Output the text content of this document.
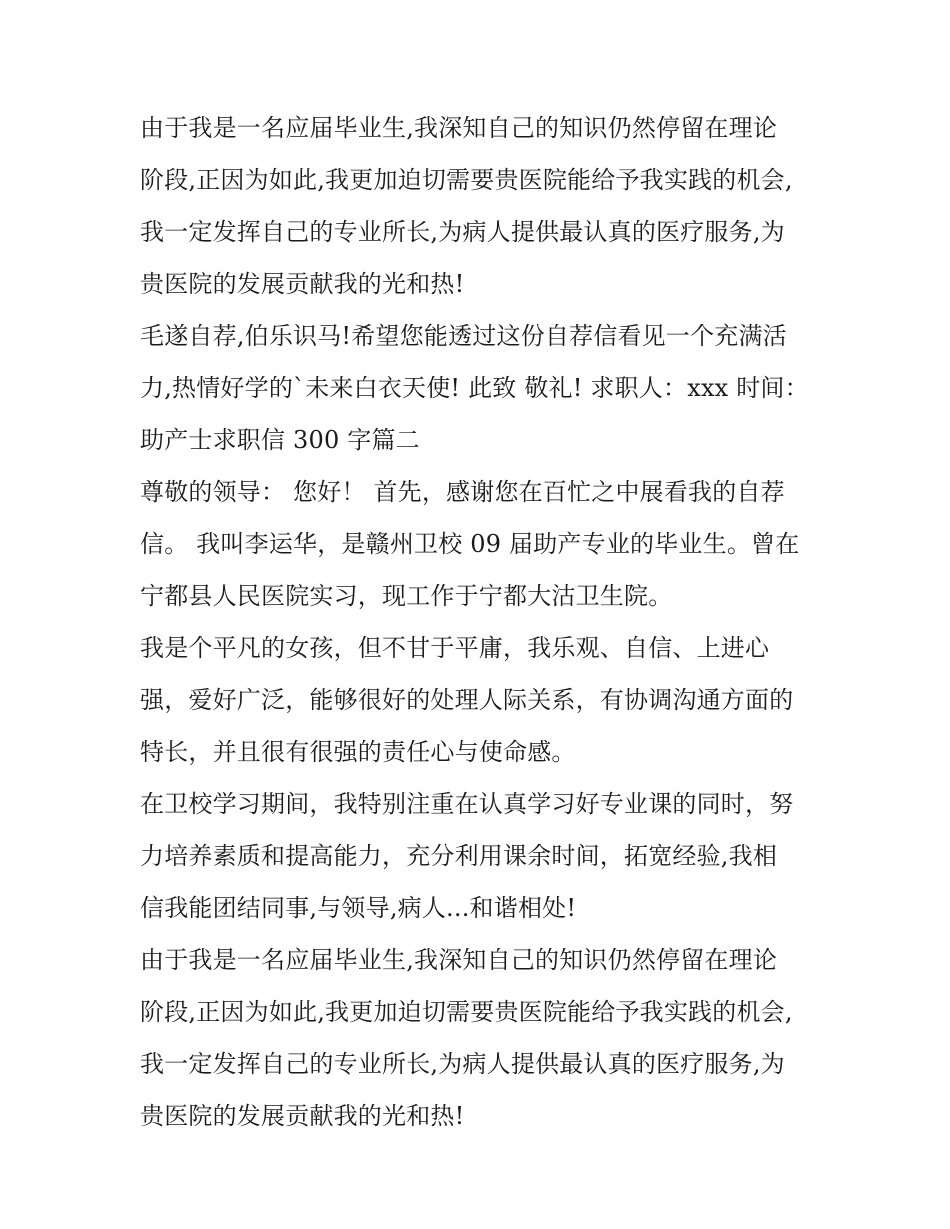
由于我是一名应届毕业生,我深知自己的知识仍然停留在理论
阶段,正因为如此,我更加迫切需要贵医院能给予我实践的机会,
我一定发挥自己的专业所长,为病人提供最认真的医疗服务,为
贵医院的发展贡献我的光和热!
毛遂自荐,伯乐识马!希望您能透过这份自荐信看见一个充满活
力,热情好学的`未来白衣天使! 此致 敬礼! 求职人：xxx 时间：
助产士求职信 300 字篇二
尊敬的领导： 您好！ 首先，感谢您在百忙之中展看我的自荐
信。 我叫李运华，是赣州卫校 09 届助产专业的毕业生。曾在
宁都县人民医院实习，现工作于宁都大沽卫生院。
我是个平凡的女孩，但不甘于平庸，我乐观、自信、上进心
强，爱好广泛，能够很好的处理人际关系，有协调沟通方面的
特长，并且很有很强的责任心与使命感。
在卫校学习期间，我特别注重在认真学习好专业课的同时，努
力培养素质和提高能力，充分利用课余时间，拓宽经验,我相
信我能团结同事,与领导,病人...和谐相处!
由于我是一名应届毕业生,我深知自己的知识仍然停留在理论
阶段,正因为如此,我更加迫切需要贵医院能给予我实践的机会,
我一定发挥自己的专业所长,为病人提供最认真的医疗服务,为
贵医院的发展贡献我的光和热!
